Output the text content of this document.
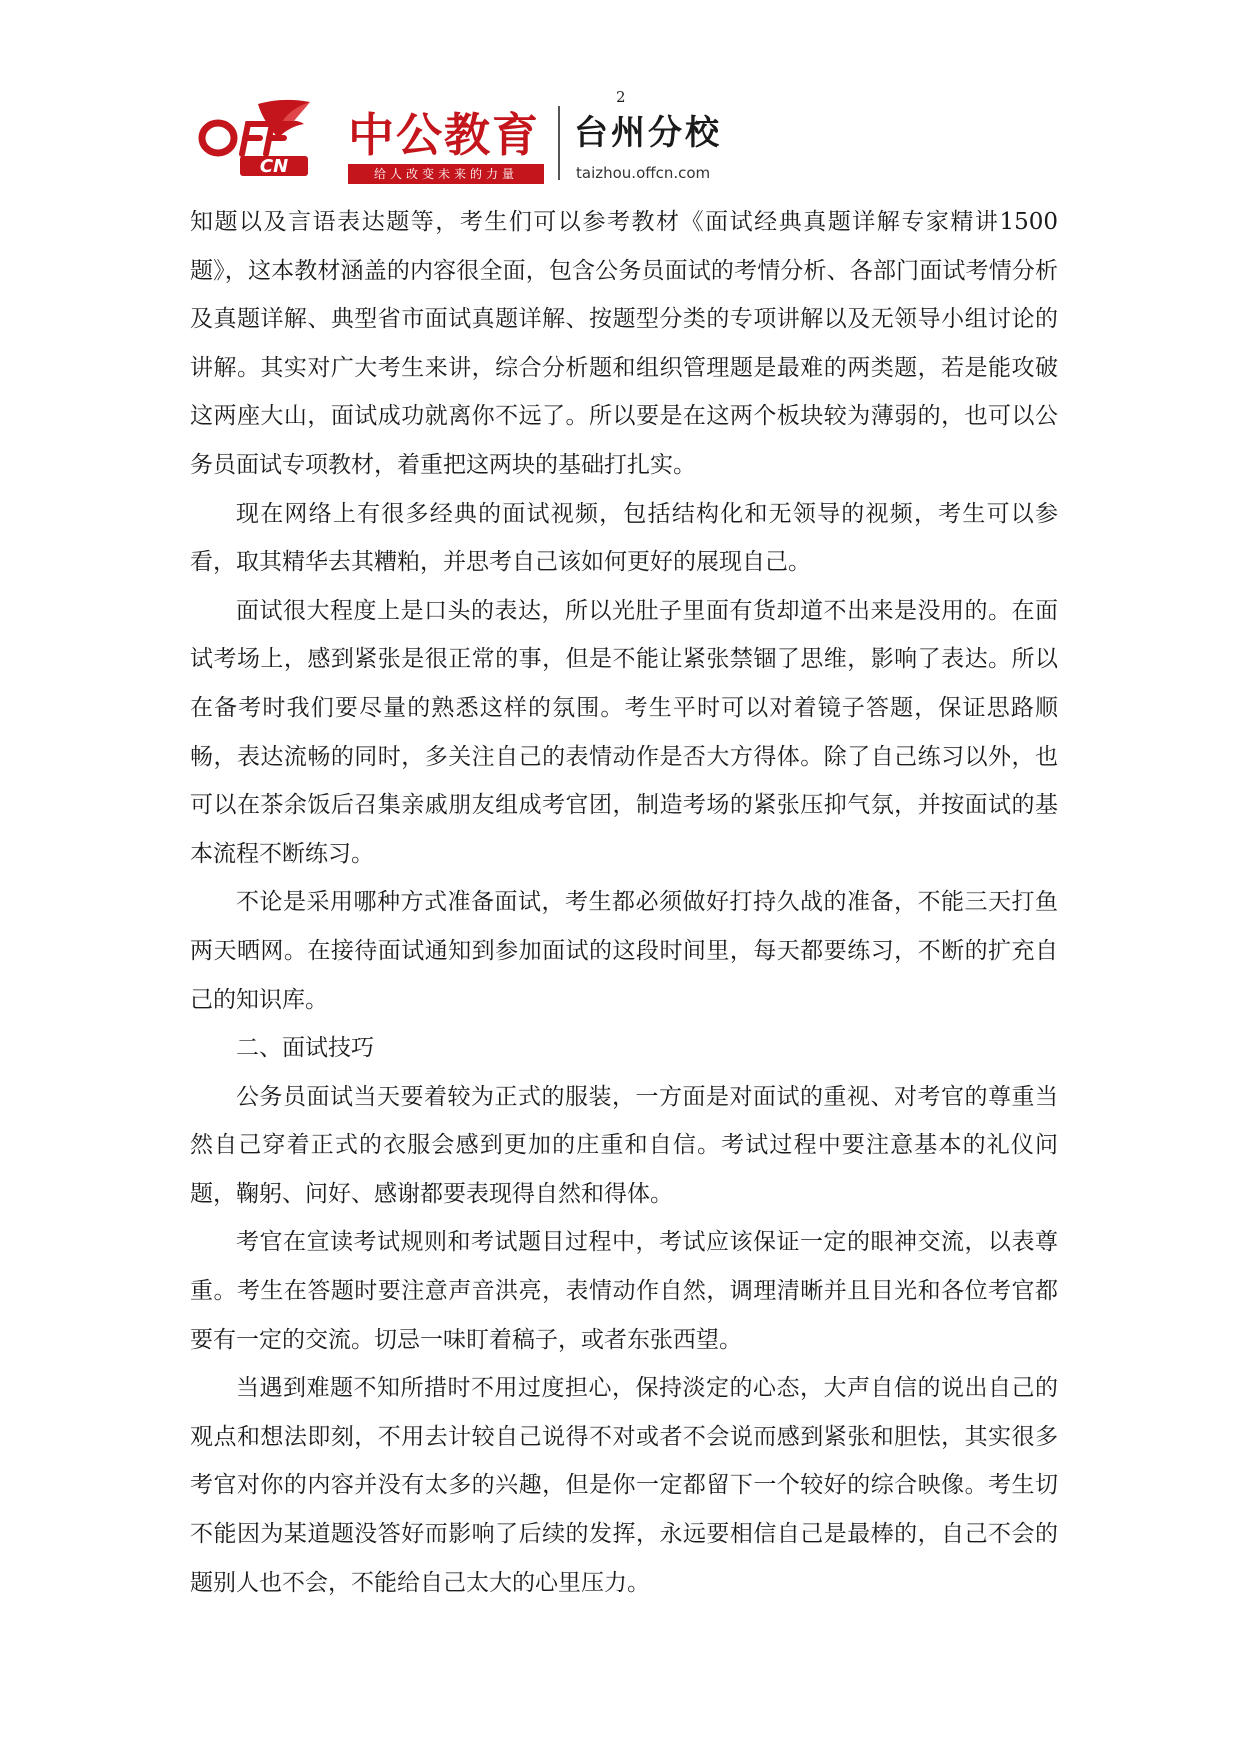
2
CN
中公教育
给人改变未来的力量
台州分校
taizhou.offcn.com

知题以及言语表达题等，考生们可以参考教材《面试经典真题详解专家精讲1500题》，这本教材涵盖的内容很全面，包含公务员面试的考情分析、各部门面试考情分析及真题详解、典型省市面试真题详解、按题型分类的专项讲解以及无领导小组讨论的讲解。其实对广大考生来讲，综合分析题和组织管理题是最难的两类题，若是能攻破这两座大山，面试成功就离你不远了。所以要是在这两个板块较为薄弱的，也可以公务员面试专项教材，着重把这两块的基础打扎实。

现在网络上有很多经典的面试视频，包括结构化和无领导的视频，考生可以参看，取其精华去其糟粕，并思考自己该如何更好的展现自己。

面试很大程度上是口头的表达，所以光肚子里面有货却道不出来是没用的。在面试考场上，感到紧张是很正常的事，但是不能让紧张禁锢了思维，影响了表达。所以在备考时我们要尽量的熟悉这样的氛围。考生平时可以对着镜子答题，保证思路顺畅，表达流畅的同时，多关注自己的表情动作是否大方得体。除了自己练习以外，也可以在茶余饭后召集亲戚朋友组成考官团，制造考场的紧张压抑气氛，并按面试的基本流程不断练习。

不论是采用哪种方式准备面试，考生都必须做好打持久战的准备，不能三天打鱼两天晒网。在接待面试通知到参加面试的这段时间里，每天都要练习，不断的扩充自己的知识库。

二、面试技巧

公务员面试当天要着较为正式的服装，一方面是对面试的重视、对考官的尊重当然自己穿着正式的衣服会感到更加的庄重和自信。考试过程中要注意基本的礼仪问题，鞠躬、问好、感谢都要表现得自然和得体。

考官在宣读考试规则和考试题目过程中，考试应该保证一定的眼神交流，以表尊重。考生在答题时要注意声音洪亮，表情动作自然，调理清晰并且目光和各位考官都要有一定的交流。切忌一味盯着稿子，或者东张西望。

当遇到难题不知所措时不用过度担心，保持淡定的心态，大声自信的说出自己的观点和想法即刻，不用去计较自己说得不对或者不会说而感到紧张和胆怯，其实很多考官对你的内容并没有太多的兴趣，但是你一定都留下一个较好的综合映像。考生切不能因为某道题没答好而影响了后续的发挥，永远要相信自己是最棒的，自己不会的题别人也不会，不能给自己太大的心里压力。
